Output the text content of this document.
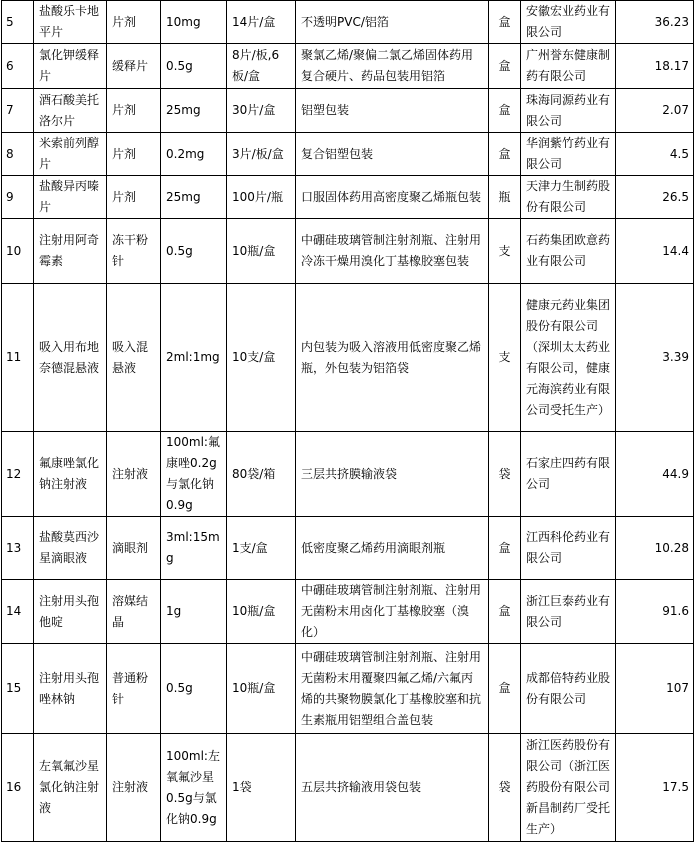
5	盐酸乐卡地平片	片剂	10mg	14片/盒	不透明PVC/铝箔	盒	安徽宏业药业有限公司	36.23
6	氯化钾缓释片	缓释片	0.5g	8片/板,6板/盒	聚氯乙烯/聚偏二氯乙烯固体药用复合硬片、药品包装用铝箔	盒	广州誉东健康制药有限公司	18.17
7	酒石酸美托洛尔片	片剂	25mg	30片/盒	铝塑包装	盒	珠海同源药业有限公司	2.07
8	米索前列醇片	片剂	0.2mg	3片/板/盒	复合铝塑包装	盒	华润紫竹药业有限公司	4.5
9	盐酸异丙嗪片	片剂	25mg	100片/瓶	口服固体药用高密度聚乙烯瓶包装	瓶	天津力生制药股份有限公司	26.5
10	注射用阿奇霉素	冻干粉针	0.5g	10瓶/盒	中硼硅玻璃管制注射剂瓶、注射用冷冻干燥用溴化丁基橡胶塞包装	支	石药集团欧意药业有限公司	14.4
11	吸入用布地奈德混悬液	吸入混悬液	2ml:1mg	10支/盒	内包装为吸入溶液用低密度聚乙烯瓶，外包装为铝箔袋	支	健康元药业集团股份有限公司（深圳太太药业有限公司，健康元海滨药业有限公司受托生产）	3.39
12	氟康唑氯化钠注射液	注射液	100ml:氟康唑0.2g与氯化钠0.9g	80袋/箱	三层共挤膜输液袋	袋	石家庄四药有限公司	44.9
13	盐酸莫西沙星滴眼液	滴眼剂	3ml:15mg	1支/盒	低密度聚乙烯药用滴眼剂瓶	盒	江西科伦药业有限公司	10.28
14	注射用头孢他啶	溶媒结晶	1g	10瓶/盒	中硼硅玻璃管制注射剂瓶、注射用无菌粉末用卤化丁基橡胶塞（溴化）	盒	浙江巨泰药业有限公司	91.6
15	注射用头孢唑林钠	普通粉针	0.5g	10瓶/盒	中硼硅玻璃管制注射剂瓶、注射用无菌粉末用覆聚四氟乙烯/六氟丙烯的共聚物膜氯化丁基橡胶塞和抗生素瓶用铝塑组合盖包装	盒	成都倍特药业股份有限公司	107
16	左氧氟沙星氯化钠注射液	注射液	100ml:左氧氟沙星0.5g与氯化钠0.9g	1袋	五层共挤输液用袋包装	袋	浙江医药股份有限公司（浙江医药股份有限公司新昌制药厂受托生产）	17.5
